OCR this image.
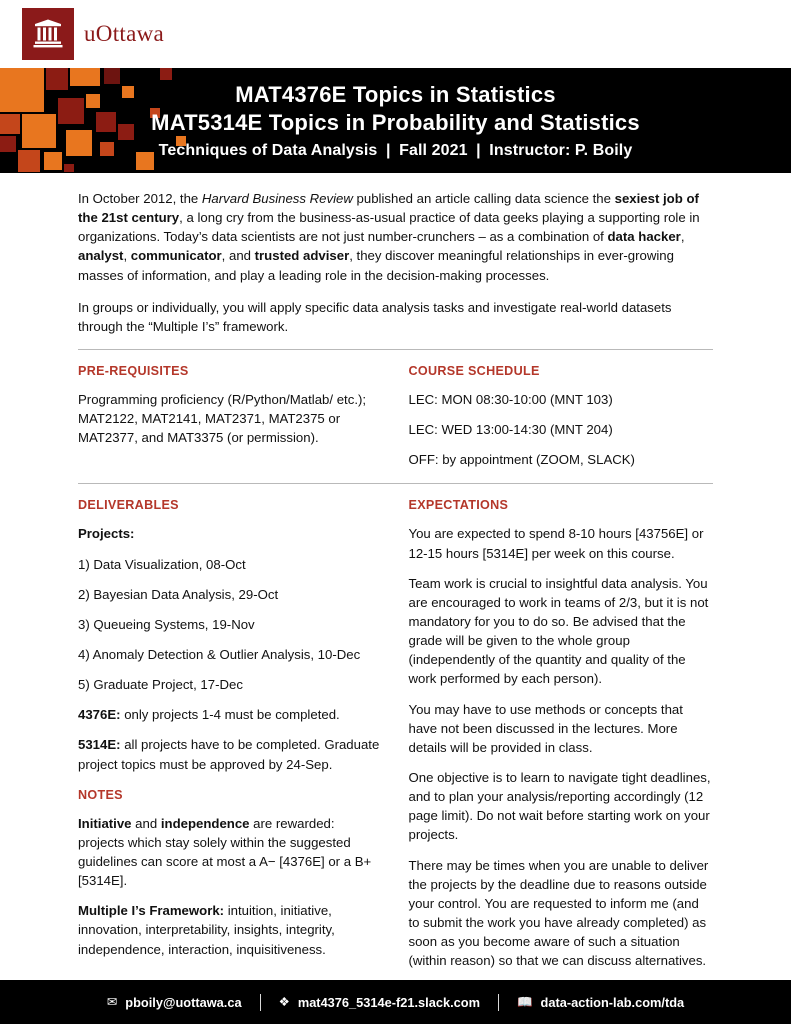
uOttawa
MAT4376E Topics in Statistics
MAT5314E Topics in Probability and Statistics
Techniques of Data Analysis | Fall 2021 | Instructor: P. Boily

In October 2012, the Harvard Business Review published an article calling data science the sexiest job of the 21st century, a long cry from the business-as-usual practice of data geeks playing a supporting role in organizations. Today’s data scientists are not just number-crunchers – as a combination of data hacker, analyst, communicator, and trusted adviser, they discover meaningful relationships in ever-growing masses of information, and play a leading role in the decision-making processes.

In groups or individually, you will apply specific data analysis tasks and investigate real-world datasets through the “Multiple I’s” framework.

PRE-REQUISITES

Programming proficiency (R/Python/Matlab/ etc.); MAT2122, MAT2141, MAT2371, MAT2375 or MAT2377, and MAT3375 (or permission).

COURSE SCHEDULE

LEC: MON 08:30-10:00 (MNT 103)

LEC: WED 13:00-14:30 (MNT 204)

OFF: by appointment (ZOOM, SLACK)

DELIVERABLES

Projects:

1) Data Visualization, 08-Oct

2) Bayesian Data Analysis, 29-Oct

3) Queueing Systems, 19-Nov

4) Anomaly Detection & Outlier Analysis, 10-Dec

5) Graduate Project, 17-Dec

4376E: only projects 1-4 must be completed.

5314E: all projects have to be completed. Graduate project topics must be approved by 24-Sep.

NOTES

Initiative and independence are rewarded: projects which stay solely within the suggested guidelines can score at most a A− [4376E] or a B+ [5314E].

Multiple I’s Framework: intuition, initiative, innovation, interpretability, insights, integrity, independence, interaction, inquisitiveness.

EXPECTATIONS

You are expected to spend 8-10 hours [43756E] or 12-15 hours [5314E] per week on this course.

Team work is crucial to insightful data analysis. You are encouraged to work in teams of 2/3, but it is not mandatory for you to do so. Be advised that the grade will be given to the whole group (independently of the quantity and quality of the work performed by each person).

You may have to use methods or concepts that have not been discussed in the lectures. More details will be provided in class.

One objective is to learn to navigate tight deadlines, and to plan your analysis/reporting accordingly (12 page limit). Do not wait before starting work on your projects.

There may be times when you are unable to deliver the projects by the deadline due to reasons outside your control. You are requested to inform me (and to submit the work you have already completed) as soon as you become aware of such a situation (within reason) so that we can discuss alternatives.

✉ pboily@uottawa.ca	❖ mat4376_5314e-f21.slack.com	📖 data-action-lab.com/tda
